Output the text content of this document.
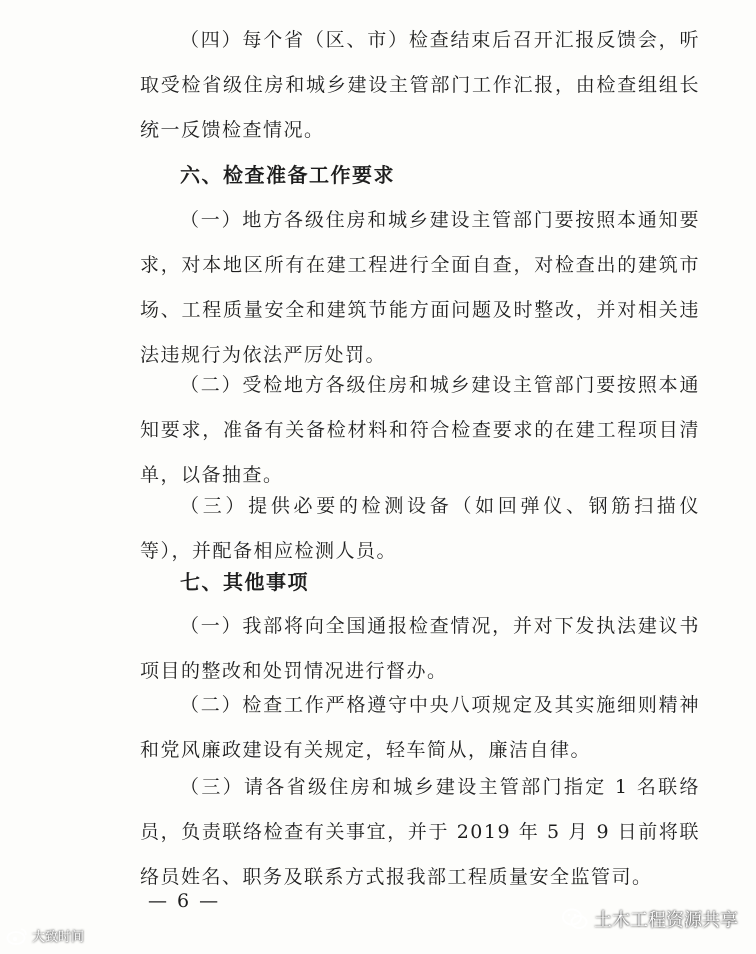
（四）每个省（区、市）检查结束后召开汇报反馈会，听取受检省级住房和城乡建设主管部门工作汇报，由检查组组长统一反馈检查情况。

六、检查准备工作要求

（一）地方各级住房和城乡建设主管部门要按照本通知要求，对本地区所有在建工程进行全面自查，对检查出的建筑市场、工程质量安全和建筑节能方面问题及时整改，并对相关违法违规行为依法严厉处罚。

（二）受检地方各级住房和城乡建设主管部门要按照本通知要求，准备有关备检材料和符合检查要求的在建工程项目清单，以备抽查。

（三）提供必要的检测设备（如回弹仪、钢筋扫描仪等），并配备相应检测人员。

七、其他事项

（一）我部将向全国通报检查情况，并对下发执法建议书项目的整改和处罚情况进行督办。

（二）检查工作严格遵守中央八项规定及其实施细则精神和党风廉政建设有关规定，轻车简从，廉洁自律。

（三）请各省级住房和城乡建设主管部门指定 1 名联络员，负责联络检查有关事宜，并于 2019 年 5 月 9 日前将联络员姓名、职务及联系方式报我部工程质量安全监管司。

— 6 —
土木工程资源共享
大致时间
